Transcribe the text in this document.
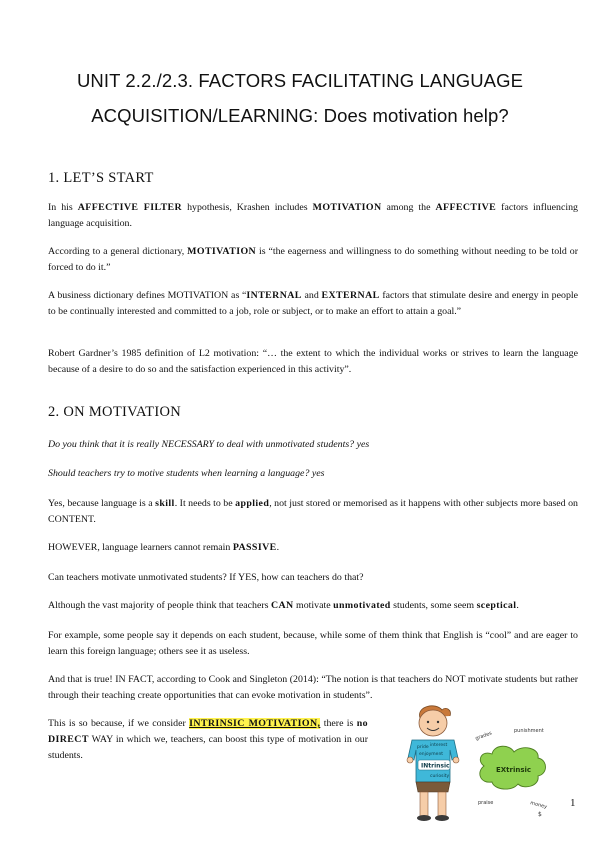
UNIT 2.2./2.3. FACTORS FACILITATING LANGUAGE
ACQUISITION/LEARNING: Does motivation help?
1. LET’S START

In his AFFECTIVE FILTER hypothesis, Krashen includes MOTIVATION among the AFFECTIVE factors influencing language acquisition.

According to a general dictionary, MOTIVATION is “the eagerness and willingness to do something without needing to be told or forced to do it.”

A business dictionary defines MOTIVATION as “INTERNAL and EXTERNAL factors that stimulate desire and energy in people to be continually interested and committed to a job, role or subject, or to make an effort to attain a goal.”

Robert Gardner’s 1985 definition of L2 motivation: “… the extent to which the individual works or strives to learn the language because of a desire to do so and the satisfaction experienced in this activity”.

2. ON MOTIVATION

Do you think that it is really NECESSARY to deal with unmotivated students? yes

Should teachers try to motive students when learning a language? yes

Yes, because language is a skill. It needs to be applied, not just stored or memorised as it happens with other subjects more based on CONTENT.

HOWEVER, language learners cannot remain PASSIVE.

Can teachers motivate unmotivated students? If YES, how can teachers do that?

Although the vast majority of people think that teachers CAN motivate unmotivated students, some seem sceptical.

For example, some people say it depends on each student, because, while some of them think that English is “cool” and are eager to learn this foreign language; others see it as useless.

And that is true! IN FACT, according to Cook and Singleton (2014): “The notion is that teachers do NOT motivate students but rather through their teaching create opportunities that can evoke motivation in students”.

This is so because, if we consider INTRINSIC MOTIVATION, there is no DIRECT WAY in which we, teachers, can boost this type of motivation in our students.

pride interest
enjoyment
INtrinsic
curiosity
EXtrinsic
grades	punishment
praise	money
$
1
